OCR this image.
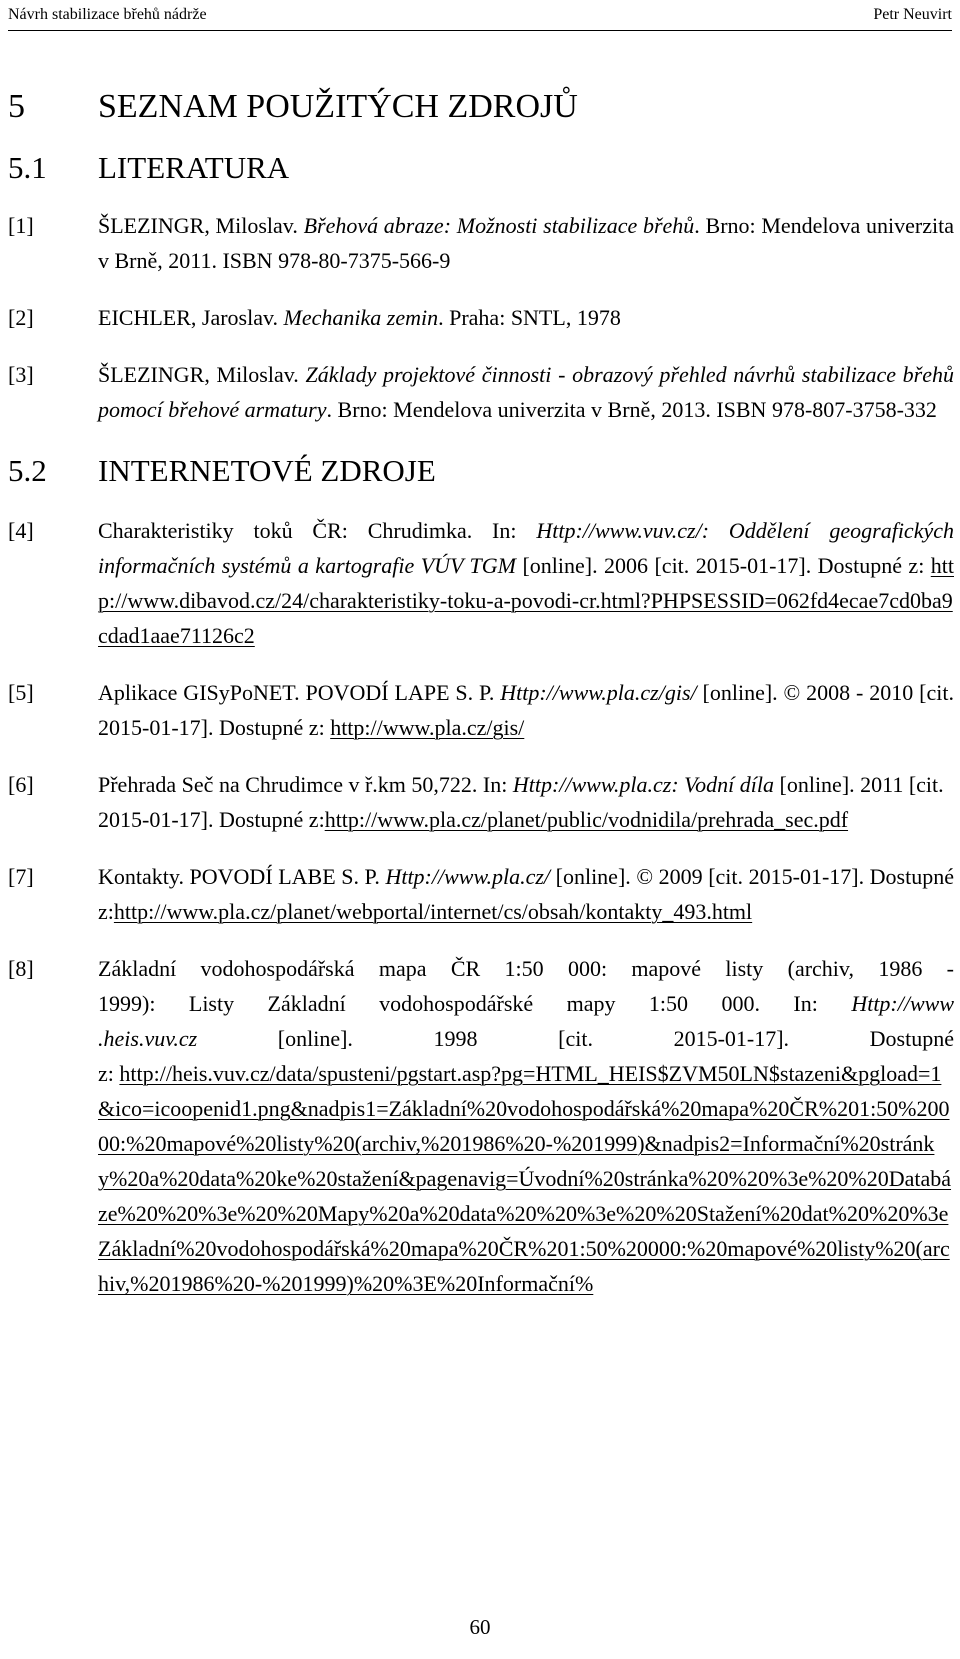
Návrh stabilizace břehů nádrže	Petr Neuvirt
5	SEZNAM POUŽITÝCH ZDROJŮ
5.1	LITERATURA
[1]	ŠLEZINGR, Miloslav. Břehová abraze: Možnosti stabilizace břehů. Brno: Mendelova univerzita v Brně, 2011. ISBN 978-80-7375-566-9
[2]	EICHLER, Jaroslav. Mechanika zemin. Praha: SNTL, 1978
[3]	ŠLEZINGR, Miloslav. Základy projektové činnosti - obrazový přehled návrhů stabilizace břehů pomocí břehové armatury. Brno: Mendelova univerzita v Brně, 2013. ISBN 978-807-3758-332
5.2	INTERNETOVÉ ZDROJE
[4]	Charakteristiky toků ČR: Chrudimka. In: Http://www.vuv.cz/: Oddělení geografických informačních systémů a kartografie VÚV TGM [online]. 2006 [cit. 2015-01-17]. Dostupné z: http://www.dibavod.cz/24/charakteristiky-toku-a-povodi-cr.html?PHPSESSID=062fd4ecae7cd0ba9cdad1aae71126c2
[5]	Aplikace GISyPoNET. POVODÍ LAPE S. P. Http://www.pla.cz/gis/ [online]. © 2008 - 2010 [cit. 2015-01-17]. Dostupné z: http://www.pla.cz/gis/
[6]	Přehrada Seč na Chrudimce v ř.km 50,722. In: Http://www.pla.cz: Vodní díla [online]. 2011 [cit. 2015-01-17]. Dostupné z:http://www.pla.cz/planet/public/vodnidila/prehrada_sec.pdf
[7]	Kontakty. POVODÍ LABE S. P. Http://www.pla.cz/ [online]. © 2009 [cit. 2015-01-17]. Dostupné z:http://www.pla.cz/planet/webportal/internet/cs/obsah/kontakty_493.html
[8]	Základní vodohospodářská mapa ČR 1:50 000: mapové listy (archiv, 1986 -
1999): Listy Základní vodohospodářské mapy 1:50 000. In: Http://www
.heis.vuv.cz [online]. 1998 [cit. 2015-01-17]. Dostupné
z: http://heis.vuv.cz/data/spusteni/pgstart.asp?pg=HTML_HEIS$ZVM50LN$stazeni&pgload=1&ico=icoopenid1.png&nadpis1=Základní%20vodohospodářská%20mapa%20ČR%201:50%20000:%20mapové%20listy%20(archiv,%201986%20-%201999)&nadpis2=Informační%20stránky%20a%20data%20ke%20stažení&pagenavig=Úvodní%20stránka%20%20%3e%20%20Databáze%20%20%3e%20%20Mapy%20a%20data%20%20%3e%20%20Stažení%20dat%20%20%3eZákladní%20vodohospodářská%20mapa%20ČR%201:50%20000:%20mapové%20listy%20(archiv,%201986%20-%201999)%20%3E%20Informační%
60
